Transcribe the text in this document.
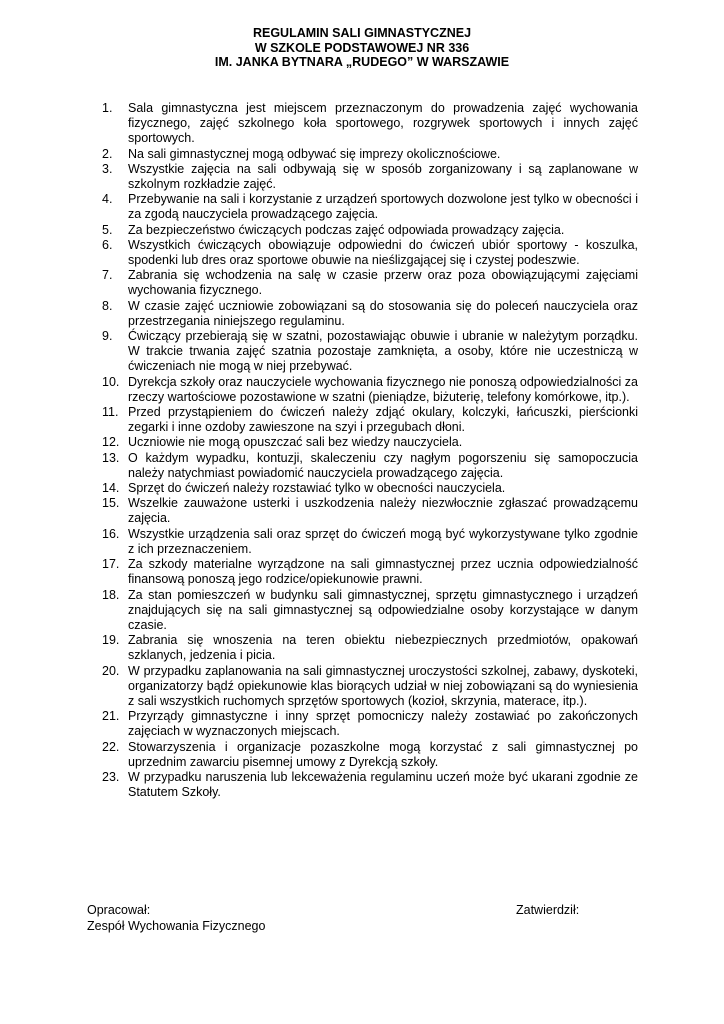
REGULAMIN SALI GIMNASTYCZNEJ
W SZKOLE PODSTAWOWEJ NR 336
IM. JANKA BYTNARA „RUDEGO” W WARSZAWIE
1.	Sala gimnastyczna jest miejscem przeznaczonym do prowadzenia zajęć wychowania fizycznego, zajęć szkolnego koła sportowego, rozgrywek sportowych i innych zajęć sportowych.
2.	Na sali gimnastycznej mogą odbywać się imprezy okolicznościowe.
3.	Wszystkie zajęcia na sali odbywają się w sposób zorganizowany i są zaplanowane w szkolnym rozkładzie zajęć.
4.	Przebywanie na sali i korzystanie z urządzeń sportowych dozwolone jest tylko w obecności i za zgodą nauczyciela prowadzącego zajęcia.
5.	Za bezpieczeństwo ćwiczących podczas zajęć odpowiada prowadzący zajęcia.
6.	Wszystkich ćwiczących obowiązuje odpowiedni do ćwiczeń ubiór sportowy - koszulka, spodenki lub dres oraz sportowe obuwie na nieślizgającej się i czystej podeszwie.
7.	Zabrania się wchodzenia na salę w czasie przerw oraz poza obowiązującymi zajęciami wychowania fizycznego.
8.	W czasie zajęć uczniowie zobowiązani są do stosowania się do poleceń nauczyciela oraz przestrzegania niniejszego regulaminu.
9.	Ćwiczący przebierają się w szatni, pozostawiając obuwie i ubranie w należytym porządku. W trakcie trwania zajęć szatnia pozostaje zamknięta, a osoby, które nie uczestniczą w ćwiczeniach nie mogą w niej przebywać.
10. Dyrekcja szkoły oraz nauczyciele wychowania fizycznego nie ponoszą odpowiedzialności za rzeczy wartościowe pozostawione w szatni (pieniądze, biżuterię, telefony komórkowe, itp.).
11. Przed przystąpieniem do ćwiczeń należy zdjąć okulary, kolczyki, łańcuszki, pierścionki zegarki i inne ozdoby zawieszone na szyi i przegubach dłoni.
12. Uczniowie nie mogą opuszczać sali bez wiedzy nauczyciela.
13. O każdym wypadku, kontuzji, skaleczeniu czy nagłym pogorszeniu się samopoczucia należy natychmiast powiadomić nauczyciela prowadzącego zajęcia.
14. Sprzęt do ćwiczeń należy rozstawiać tylko w obecności nauczyciela.
15. Wszelkie zauważone usterki i uszkodzenia należy niezwłocznie zgłaszać prowadzącemu zajęcia.
16. Wszystkie urządzenia sali oraz sprzęt do ćwiczeń mogą być wykorzystywane tylko zgodnie z ich przeznaczeniem.
17. Za szkody materialne wyrządzone na sali gimnastycznej przez ucznia odpowiedzialność finansową ponoszą jego rodzice/opiekunowie prawni.
18. Za stan pomieszczeń w budynku sali gimnastycznej, sprzętu gimnastycznego i urządzeń znajdujących się na sali gimnastycznej są odpowiedzialne osoby korzystające w danym czasie.
19. Zabrania się wnoszenia na teren obiektu niebezpiecznych przedmiotów, opakowań szklanych, jedzenia i picia.
20. W przypadku zaplanowania na sali gimnastycznej uroczystości szkolnej, zabawy, dyskoteki, organizatorzy bądź opiekunowie klas biorących udział w niej zobowiązani są do wyniesienia z sali wszystkich ruchomych sprzętów sportowych (kozioł, skrzynia, materace, itp.).
21. Przyrządy gimnastyczne i inny sprzęt pomocniczy należy zostawiać po zakończonych zajęciach w wyznaczonych miejscach.
22. Stowarzyszenia i organizacje pozaszkolne mogą korzystać z sali gimnastycznej po uprzednim zawarciu pisemnej umowy z Dyrekcją szkoły.
23. W przypadku naruszenia lub lekceważenia regulaminu uczeń może być ukarani zgodnie ze Statutem Szkoły.
Opracował:
Zespół Wychowania Fizycznego
Zatwierdził:
